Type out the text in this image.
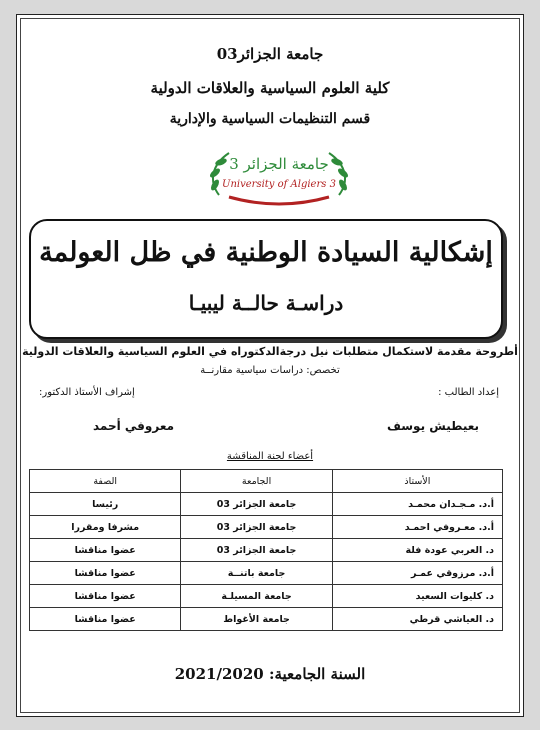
جامعة الجزائر03
كلية العلوم السياسية والعلاقات الدولية
قسم التنظيمات السياسية والإدارية
جامعة الجزائر 3
University of Algiers 3
إشكالية السيادة الوطنية في ظل العولمة
دراسـة حالــة ليبيـا
أطروحة مقدمة لاستكمال متطلبات نيل درجةالدكتوراه في العلوم السياسية والعلاقات الدولية
تخصص: دراسات سياسية مقارنــة
إعداد الطالب :
إشراف الأستاذ الدكتور:
بعيطيش يوسف
معروفي أحمد
أعضاء لجنة المناقشة
الأستاذ	الجامعة	الصفة
أ.د. مـجـدان محمـد	جامعة الجزائر 03	رئيسا
أ.د. معـروفي احمـد	جامعة الجزائر 03	مشرفا ومقررا
د. العربي عودة فلة	جامعة الجزائر 03	عضوا مناقشا
أ.د. مرزوقي عمـر	جامعة باتنــة	عضوا مناقشا
د. كليوات السعيد	جامعة المسيلـة	عضوا مناقشا
د. العياشي قرطي	جامعة الأغواط	عضوا مناقشا
السنة الجامعية: 2021/2020
